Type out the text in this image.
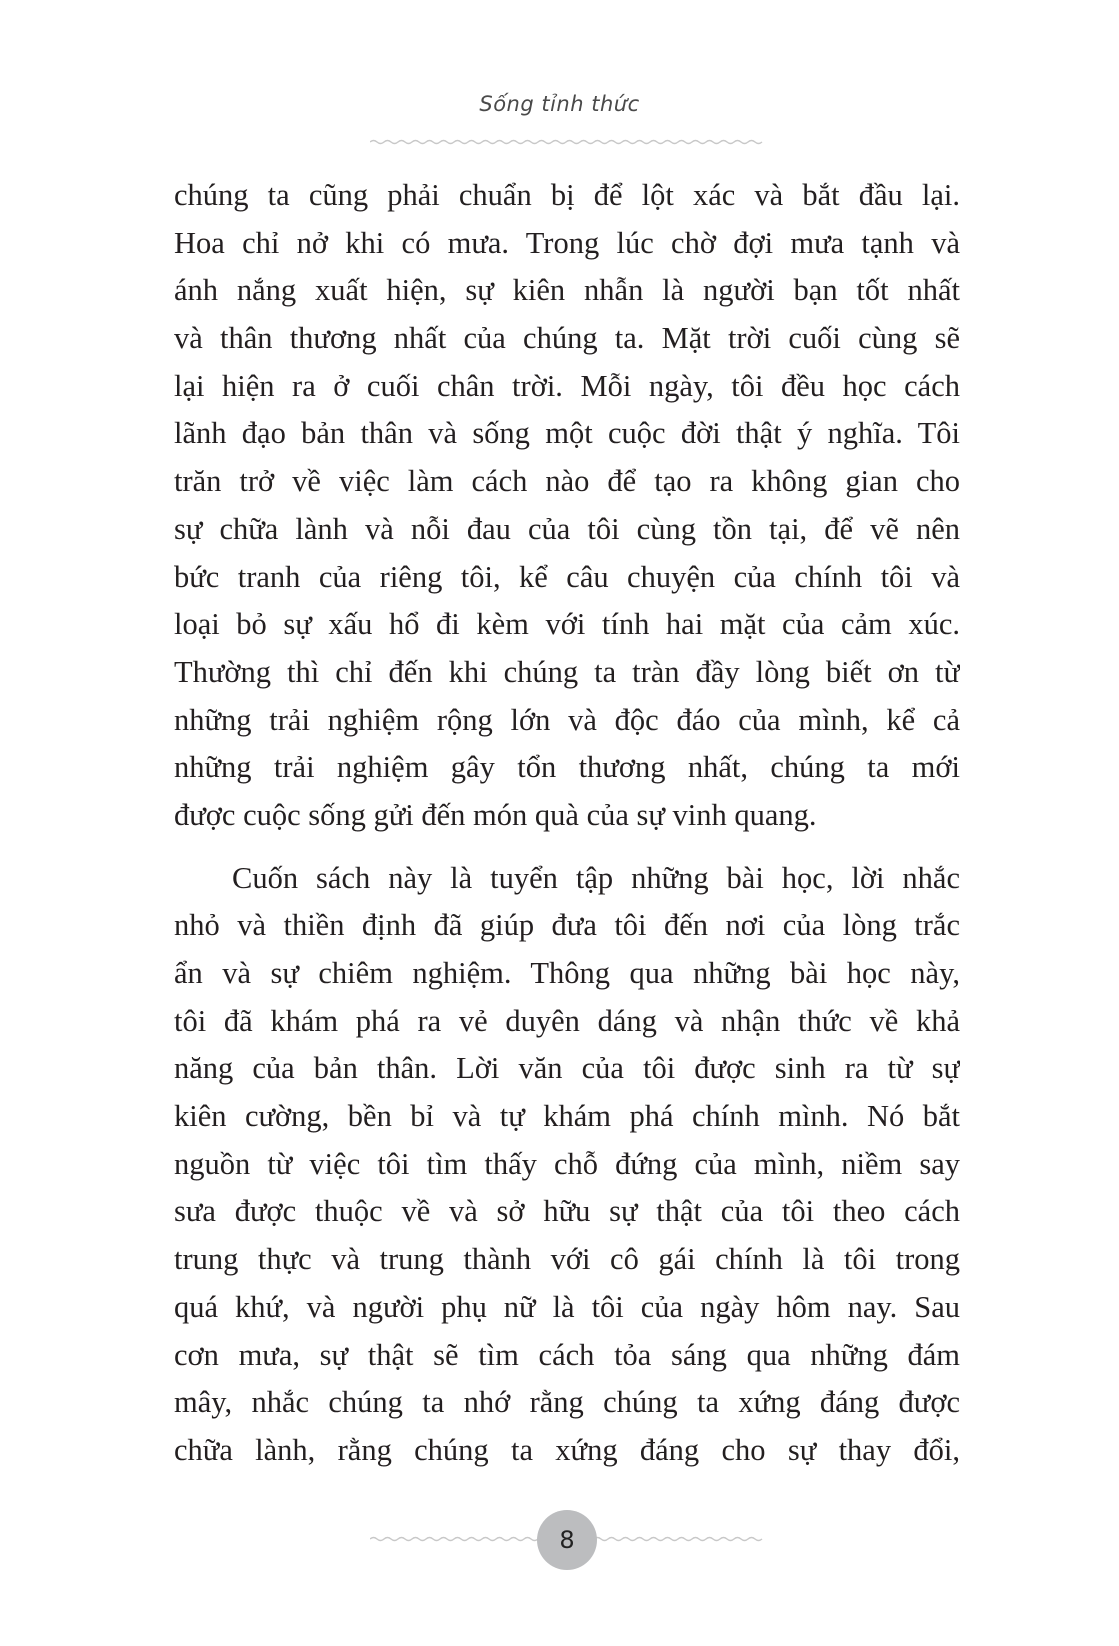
Sống tỉnh thức
chúng ta cũng phải chuẩn bị để lột xác và bắt đầu lại.
Hoa chỉ nở khi có mưa. Trong lúc chờ đợi mưa tạnh và
ánh nắng xuất hiện, sự kiên nhẫn là người bạn tốt nhất
và thân thương nhất của chúng ta. Mặt trời cuối cùng sẽ
lại hiện ra ở cuối chân trời. Mỗi ngày, tôi đều học cách
lãnh đạo bản thân và sống một cuộc đời thật ý nghĩa. Tôi
trăn trở về việc làm cách nào để tạo ra không gian cho
sự chữa lành và nỗi đau của tôi cùng tồn tại, để vẽ nên
bức tranh của riêng tôi, kể câu chuyện của chính tôi và
loại bỏ sự xấu hổ đi kèm với tính hai mặt của cảm xúc.
Thường thì chỉ đến khi chúng ta tràn đầy lòng biết ơn từ
những trải nghiệm rộng lớn và độc đáo của mình, kể cả
những trải nghiệm gây tổn thương nhất, chúng ta mới
được cuộc sống gửi đến món quà của sự vinh quang.
Cuốn sách này là tuyển tập những bài học, lời nhắc
nhỏ và thiền định đã giúp đưa tôi đến nơi của lòng trắc
ẩn và sự chiêm nghiệm. Thông qua những bài học này,
tôi đã khám phá ra vẻ duyên dáng và nhận thức về khả
năng của bản thân. Lời văn của tôi được sinh ra từ sự
kiên cường, bền bỉ và tự khám phá chính mình. Nó bắt
nguồn từ việc tôi tìm thấy chỗ đứng của mình, niềm say
sưa được thuộc về và sở hữu sự thật của tôi theo cách
trung thực và trung thành với cô gái chính là tôi trong
quá khứ, và người phụ nữ là tôi của ngày hôm nay. Sau
cơn mưa, sự thật sẽ tìm cách tỏa sáng qua những đám
mây, nhắc chúng ta nhớ rằng chúng ta xứng đáng được
chữa lành, rằng chúng ta xứng đáng cho sự thay đổi,
8
